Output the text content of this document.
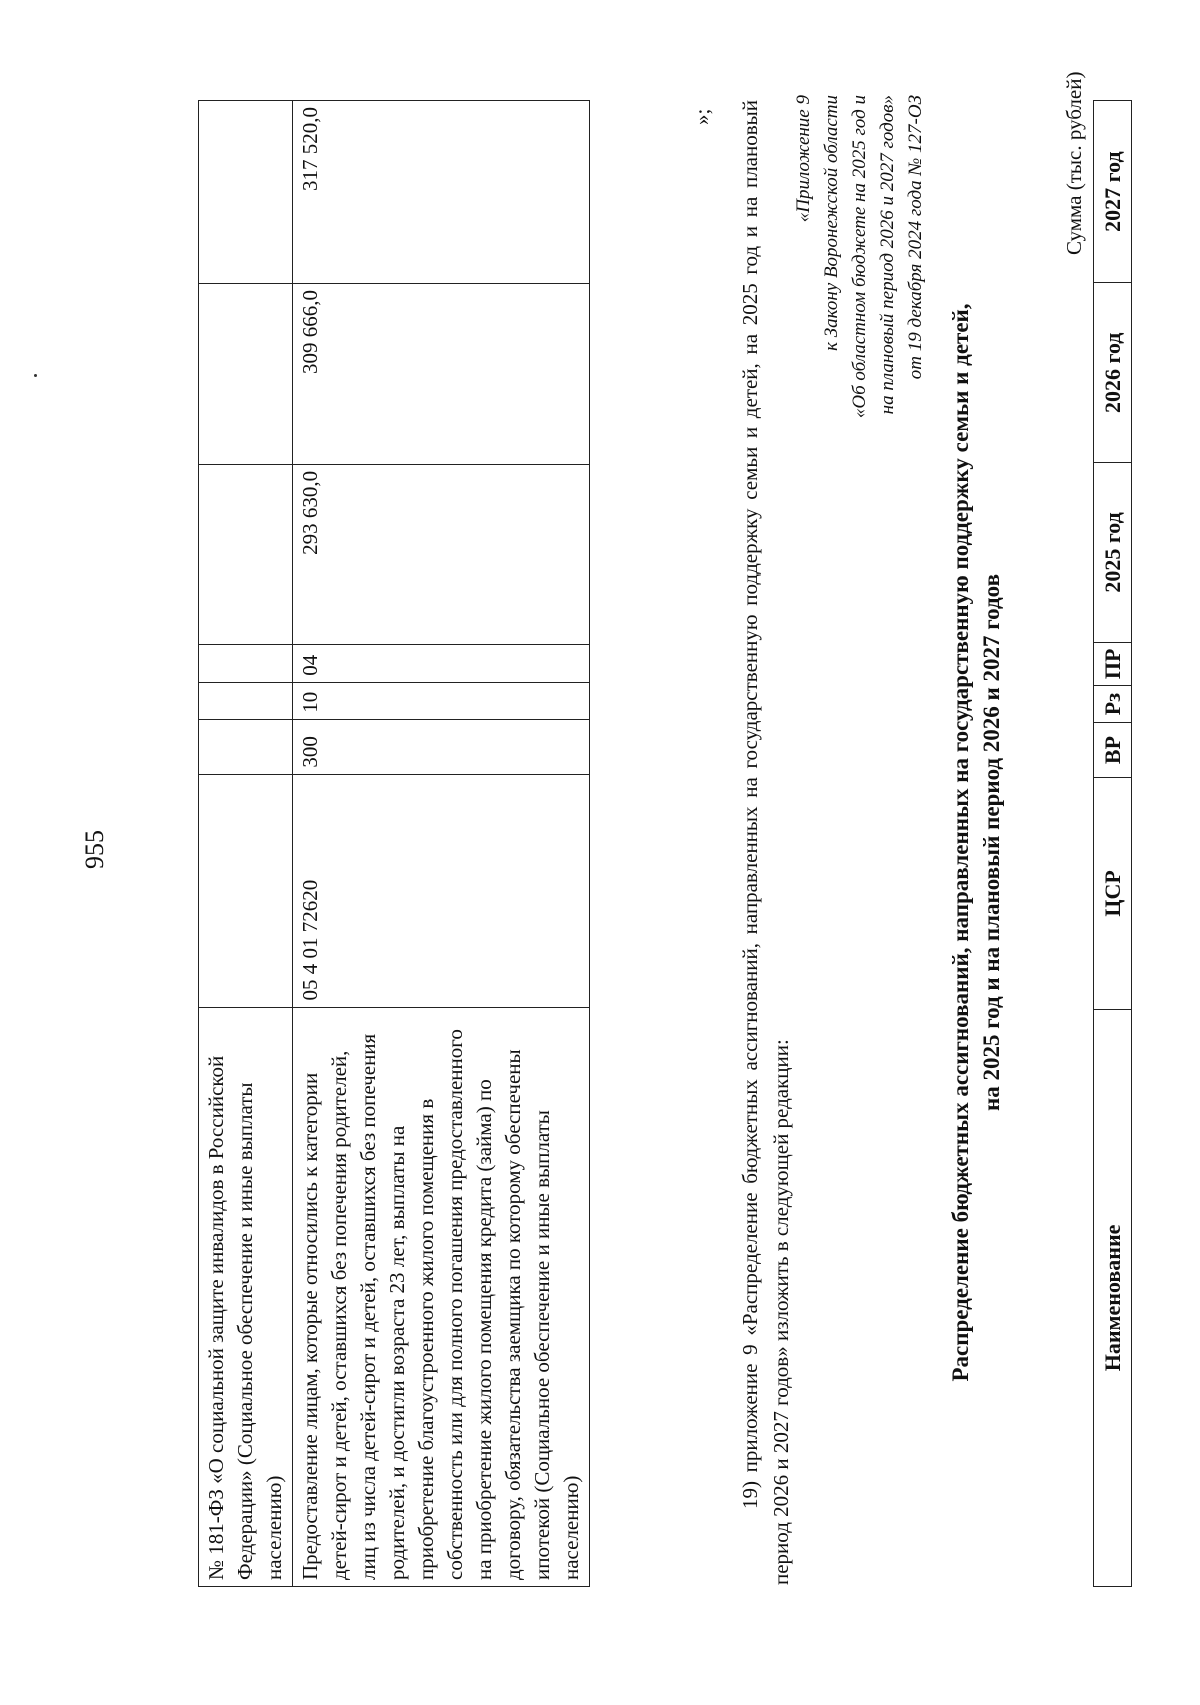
955
№ 181-ФЗ «О социальной защите инвалидов в Российской Федерации» (Социальное обеспечение и иные выплаты населению)							
Предоставление лицам, которые относились к категории детей-сирот и детей, оставшихся без попечения родителей, лиц из числа детей-сирот и детей, оставшихся без попечения родителей, и достигли возраста 23 лет, выплаты на приобретение благоустроенного жилого помещения в собственность или для полного погашения предоставленного на приобретение жилого помещения кредита (займа) по договору, обязательства заемщика по которому обеспечены ипотекой (Социальное обеспечение и иные выплаты населению)	05 4 01 72620	300	10	04	293 630,0	309 666,0	317 520,0	»; 19) приложение 9 «Распределение бюджетных ассигнований, направленных на государственную поддержку семьи и детей, на 2025 год и на плановый период 2026 и 2027 годов» изложить в следующей редакции:
«Приложение 9 к Закону Воронежской области «Об областном бюджете на 2025 год и на плановый период 2026 и 2027 годов» от 19 декабря 2024 года № 127-ОЗ
Распределение бюджетных ассигнований, направленных на государственную поддержку семьи и детей, на 2025 год и на плановый период 2026 и 2027 годов
Сумма (тыс. рублей)
Наименование	ЦСР	ВР	Рз	ПР	2025 год	2026 год	2027 год
